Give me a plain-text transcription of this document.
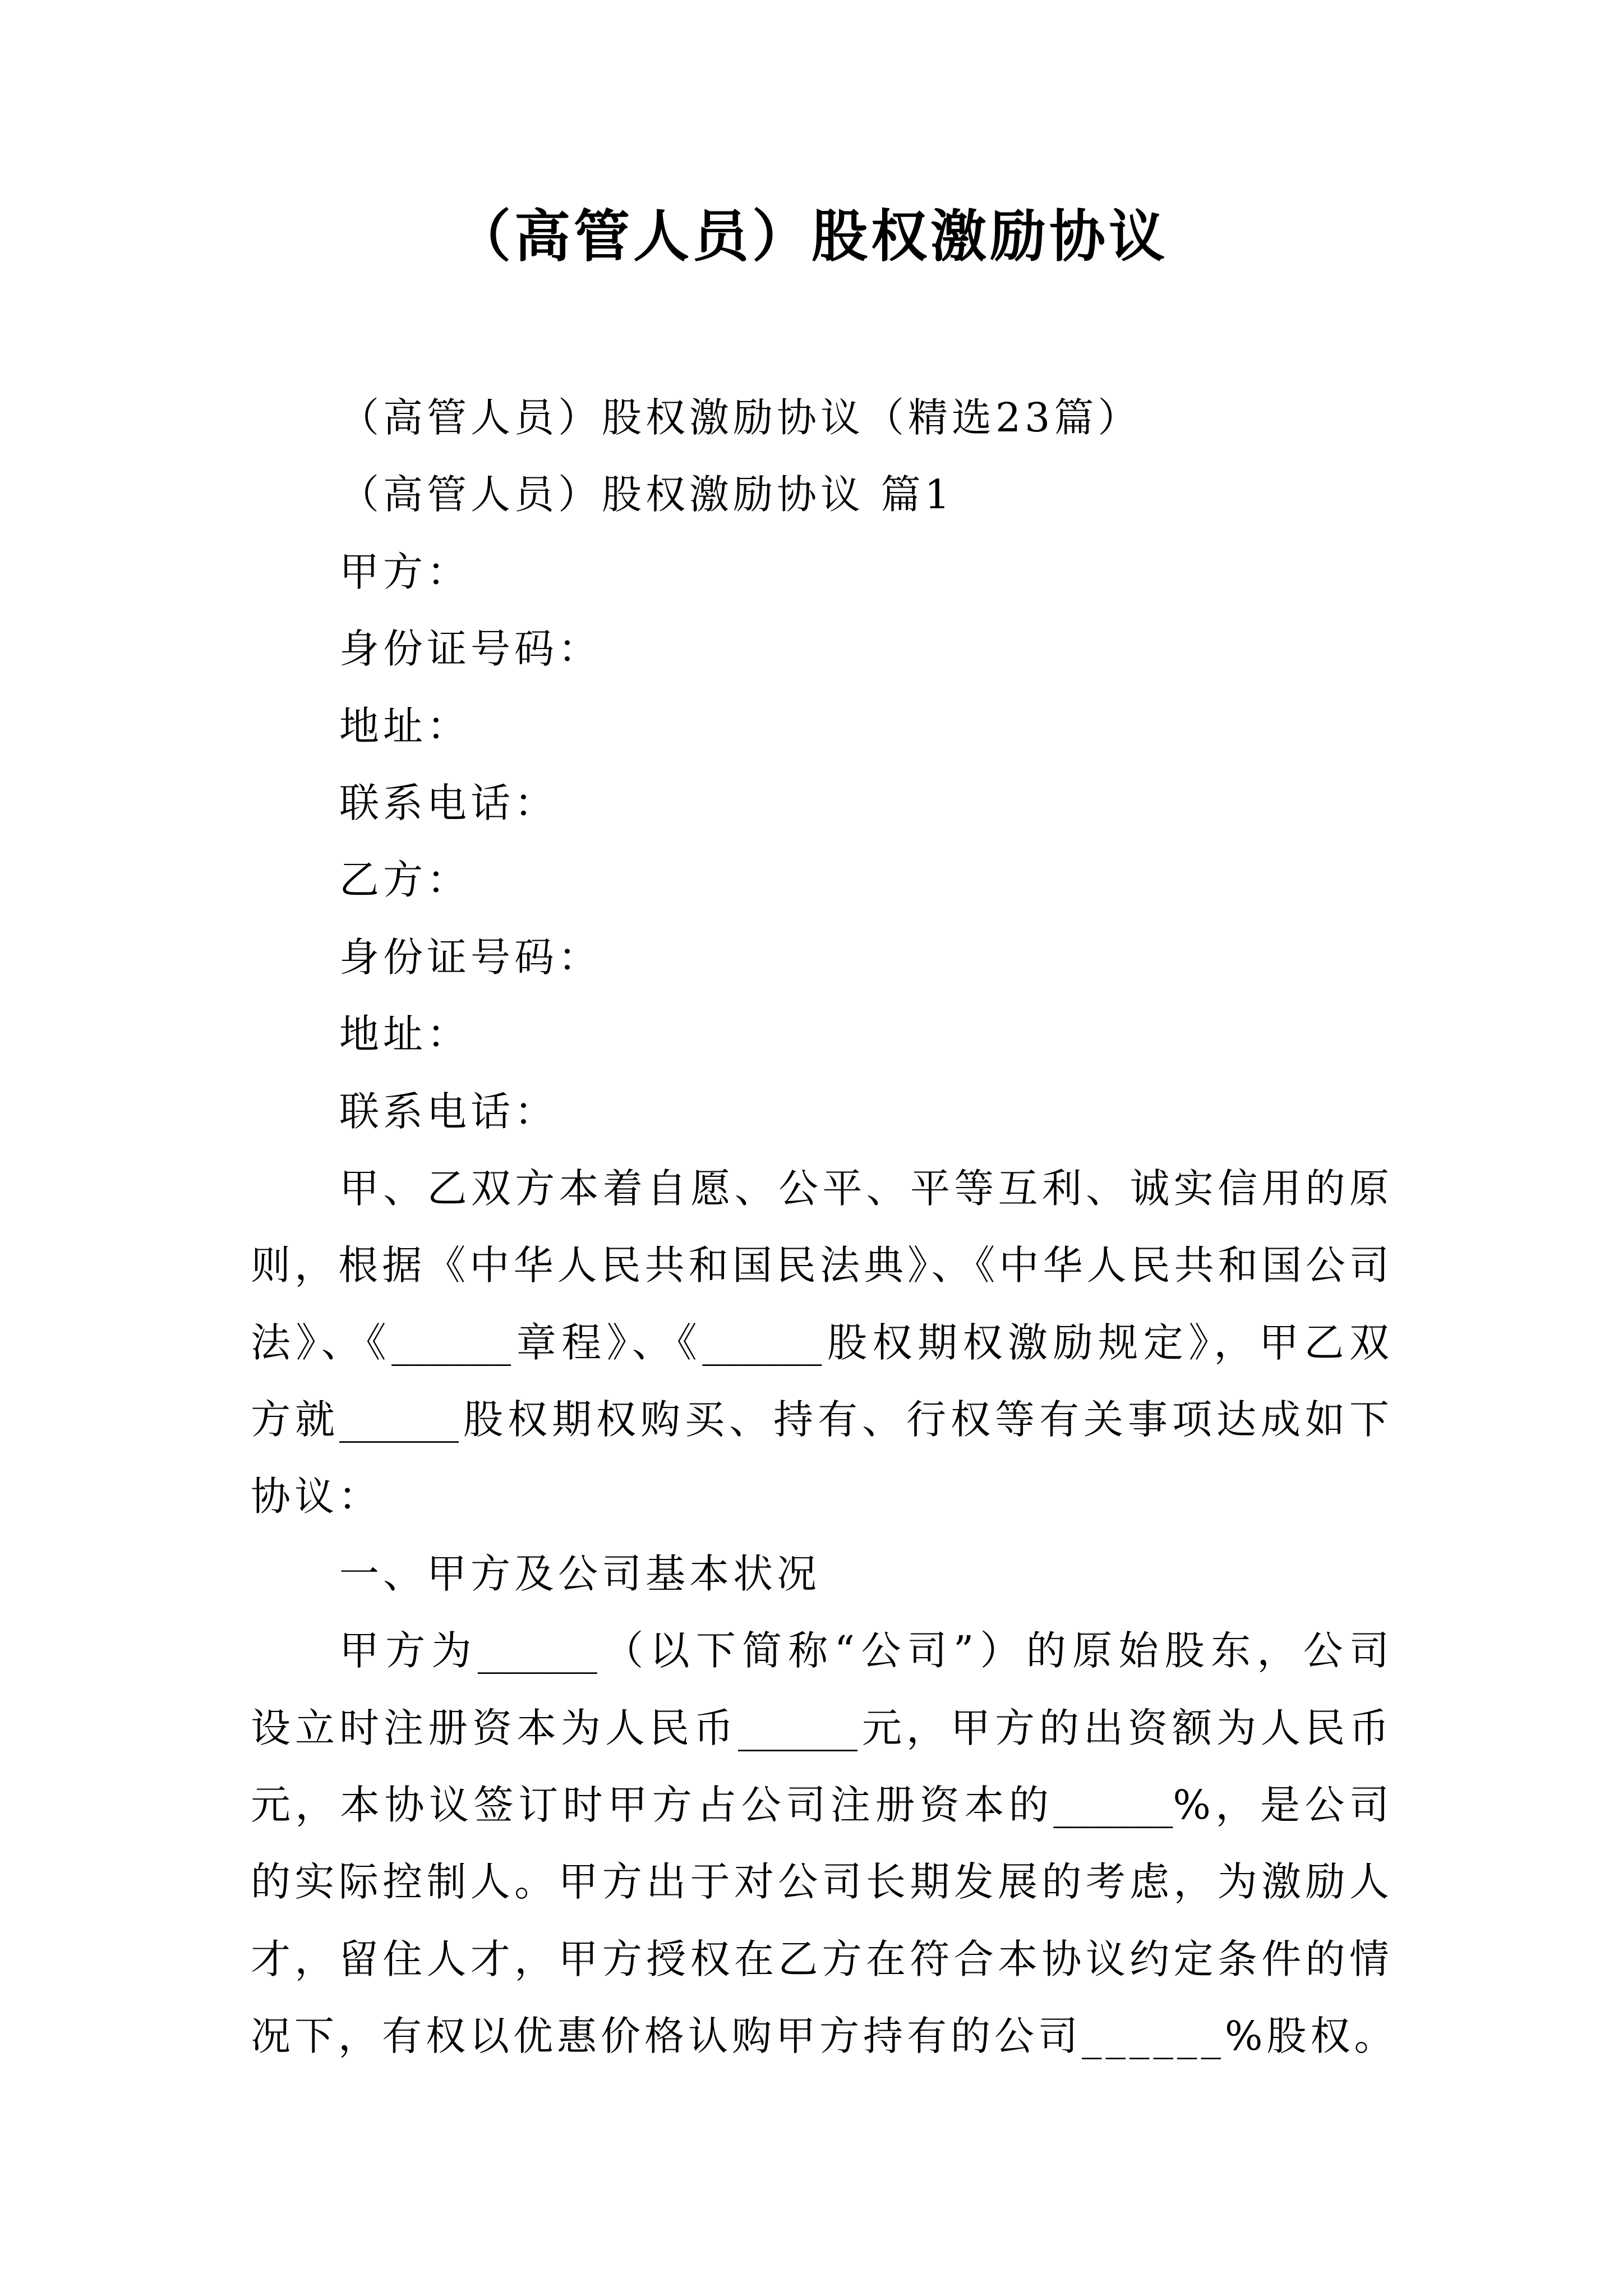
（高管人员）股权激励协议
（高管人员）股权激励协议（精选23篇）
（高管人员）股权激励协议 篇1
甲方：
身份证号码：
地址：
联系电话：
乙方：
身份证号码：
地址：
联系电话：
甲、乙双方本着自愿、公平、平等互利、诚实信用的原
则，根据《中华人民共和国民法典》、《中华人民共和国公司
法》、《______章程》、《______股权期权激励规定》，甲乙双
方就______股权期权购买、持有、行权等有关事项达成如下
协议：
一、甲方及公司基本状况
甲方为______（以下简称“公司”）的原始股东，公司
设立时注册资本为人民币______元，甲方的出资额为人民币
元，本协议签订时甲方占公司注册资本的______%，是公司
的实际控制人。甲方出于对公司长期发展的考虑，为激励人
才，留住人才，甲方授权在乙方在符合本协议约定条件的情
况下，有权以优惠价格认购甲方持有的公司______%股权。
